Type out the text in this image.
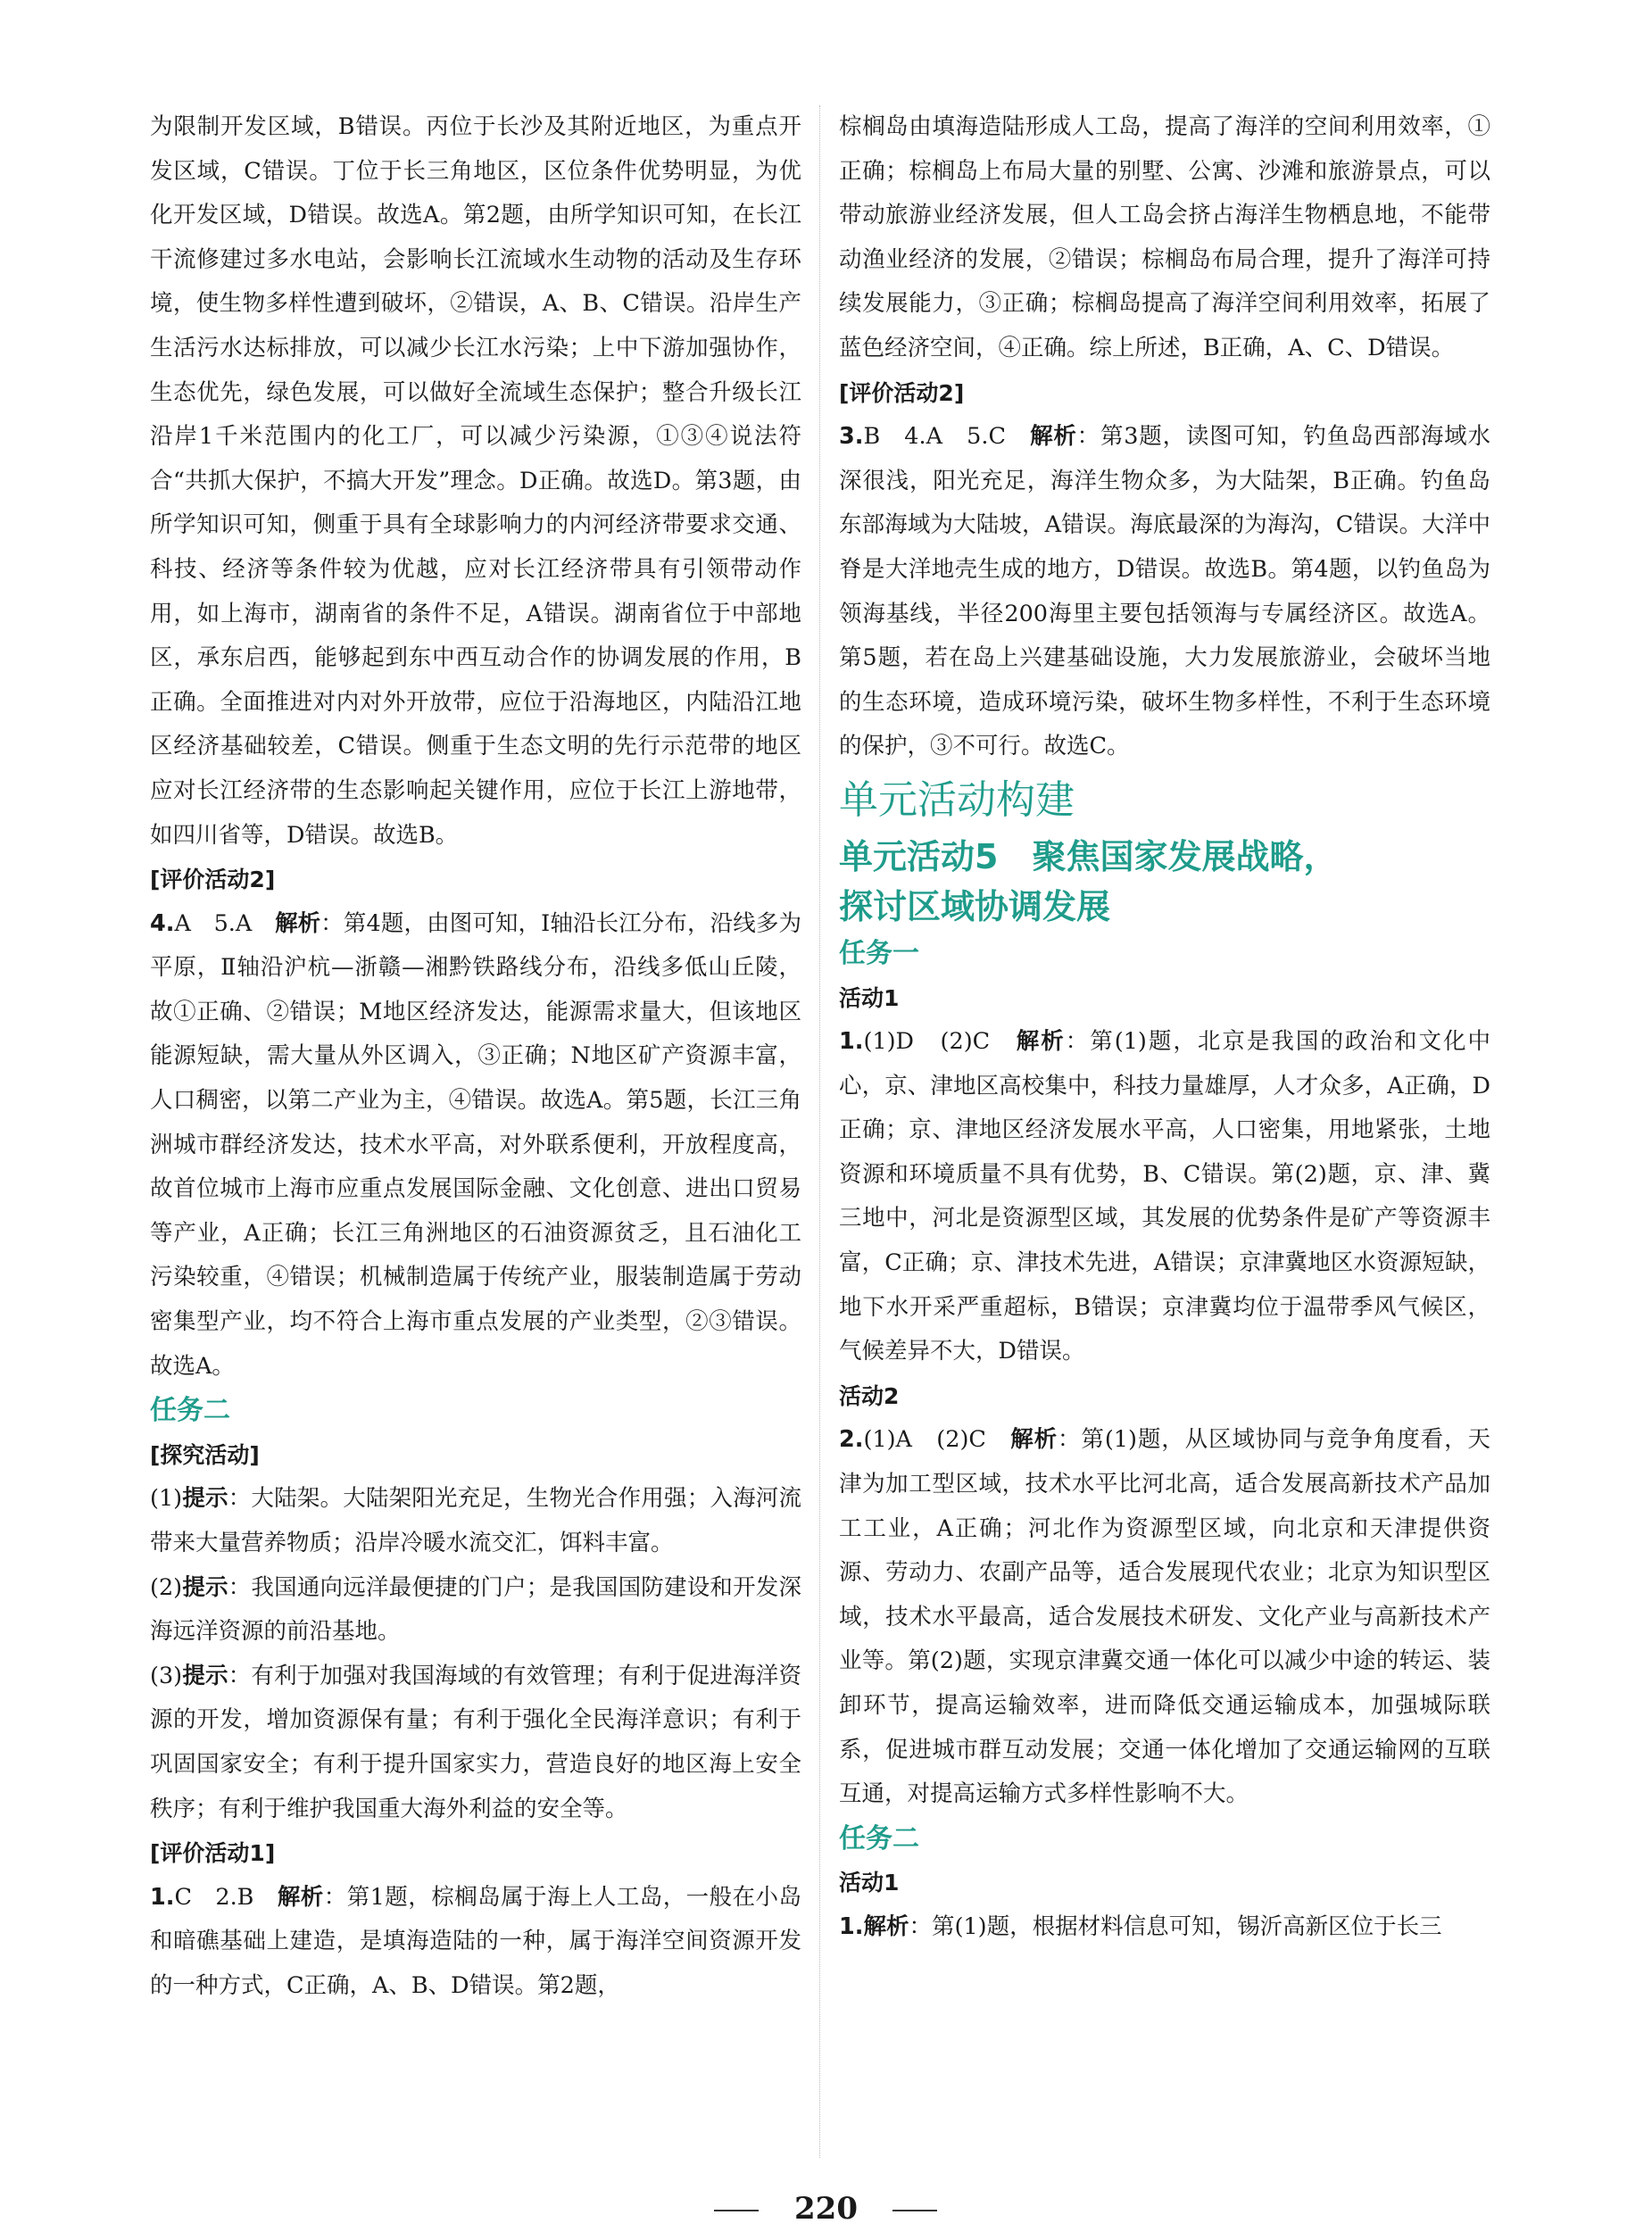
为限制开发区域，B错误。丙位于长沙及其附近地区，为重点开发区域，C错误。丁位于长三角地区，区位条件优势明显，为优化开发区域，D错误。故选A。第2题，由所学知识可知，在长江干流修建过多水电站，会影响长江流域水生动物的活动及生存环境，使生物多样性遭到破坏，②错误，A、B、C错误。沿岸生产生活污水达标排放，可以减少长江水污染；上中下游加强协作，生态优先，绿色发展，可以做好全流域生态保护；整合升级长江沿岸1千米范围内的化工厂，可以减少污染源，①③④说法符合“共抓大保护，不搞大开发”理念。D正确。故选D。第3题，由所学知识可知，侧重于具有全球影响力的内河经济带要求交通、科技、经济等条件较为优越，应对长江经济带具有引领带动作用，如上海市，湖南省的条件不足，A错误。湖南省位于中部地区，承东启西，能够起到东中西互动合作的协调发展的作用，B正确。全面推进对内对外开放带，应位于沿海地区，内陆沿江地区经济基础较差，C错误。侧重于生态文明的先行示范带的地区应对长江经济带的生态影响起关键作用，应位于长江上游地带，如四川省等，D错误。故选B。

[评价活动2]

4.A　5.A　解析：第4题，由图可知，Ⅰ轴沿长江分布，沿线多为平原，Ⅱ轴沿沪杭—浙赣—湘黔铁路线分布，沿线多低山丘陵，故①正确、②错误；M地区经济发达，能源需求量大，但该地区能源短缺，需大量从外区调入，③正确；N地区矿产资源丰富，人口稠密，以第二产业为主，④错误。故选A。第5题，长江三角洲城市群经济发达，技术水平高，对外联系便利，开放程度高，故首位城市上海市应重点发展国际金融、文化创意、进出口贸易等产业，A正确；长江三角洲地区的石油资源贫乏，且石油化工污染较重，④错误；机械制造属于传统产业，服装制造属于劳动密集型产业，均不符合上海市重点发展的产业类型，②③错误。故选A。

任务二

[探究活动]

(1)提示：大陆架。大陆架阳光充足，生物光合作用强；入海河流带来大量营养物质；沿岸冷暖水流交汇，饵料丰富。

(2)提示：我国通向远洋最便捷的门户；是我国国防建设和开发深海远洋资源的前沿基地。

(3)提示：有利于加强对我国海域的有效管理；有利于促进海洋资源的开发，增加资源保有量；有利于强化全民海洋意识；有利于巩固国家安全；有利于提升国家实力，营造良好的地区海上安全秩序；有利于维护我国重大海外利益的安全等。

[评价活动1]

1.C　2.B　解析：第1题，棕榈岛属于海上人工岛，一般在小岛和暗礁基础上建造，是填海造陆的一种，属于海洋空间资源开发的一种方式，C正确，A、B、D错误。第2题，

棕榈岛由填海造陆形成人工岛，提高了海洋的空间利用效率，①正确；棕榈岛上布局大量的别墅、公寓、沙滩和旅游景点，可以带动旅游业经济发展，但人工岛会挤占海洋生物栖息地，不能带动渔业经济的发展，②错误；棕榈岛布局合理，提升了海洋可持续发展能力，③正确；棕榈岛提高了海洋空间利用效率，拓展了蓝色经济空间，④正确。综上所述，B正确，A、C、D错误。

[评价活动2]

3.B　4.A　5.C　解析：第3题，读图可知，钓鱼岛西部海域水深很浅，阳光充足，海洋生物众多，为大陆架，B正确。钓鱼岛东部海域为大陆坡，A错误。海底最深的为海沟，C错误。大洋中脊是大洋地壳生成的地方，D错误。故选B。第4题，以钓鱼岛为领海基线，半径200海里主要包括领海与专属经济区。故选A。第5题，若在岛上兴建基础设施，大力发展旅游业，会破坏当地的生态环境，造成环境污染，破坏生物多样性，不利于生态环境的保护，③不可行。故选C。

单元活动构建

单元活动5　聚焦国家发展战略，

探讨区域协调发展

任务一

活动1

1.(1)D　(2)C　解析：第(1)题，北京是我国的政治和文化中心，京、津地区高校集中，科技力量雄厚，人才众多，A正确，D正确；京、津地区经济发展水平高，人口密集，用地紧张，土地资源和环境质量不具有优势，B、C错误。第(2)题，京、津、冀三地中，河北是资源型区域，其发展的优势条件是矿产等资源丰富，C正确；京、津技术先进，A错误；京津冀地区水资源短缺，地下水开采严重超标，B错误；京津冀均位于温带季风气候区，气候差异不大，D错误。

活动2

2.(1)A　(2)C　解析：第(1)题，从区域协同与竞争角度看，天津为加工型区域，技术水平比河北高，适合发展高新技术产品加工工业，A正确；河北作为资源型区域，向北京和天津提供资源、劳动力、农副产品等，适合发展现代农业；北京为知识型区域，技术水平最高，适合发展技术研发、文化产业与高新技术产业等。第(2)题，实现京津冀交通一体化可以减少中途的转运、装卸环节，提高运输效率，进而降低交通运输成本，加强城际联系，促进城市群互动发展；交通一体化增加了交通运输网的互联互通，对提高运输方式多样性影响不大。

任务二

活动1

1.解析：第(1)题，根据材料信息可知，锡沂高新区位于长三

220
